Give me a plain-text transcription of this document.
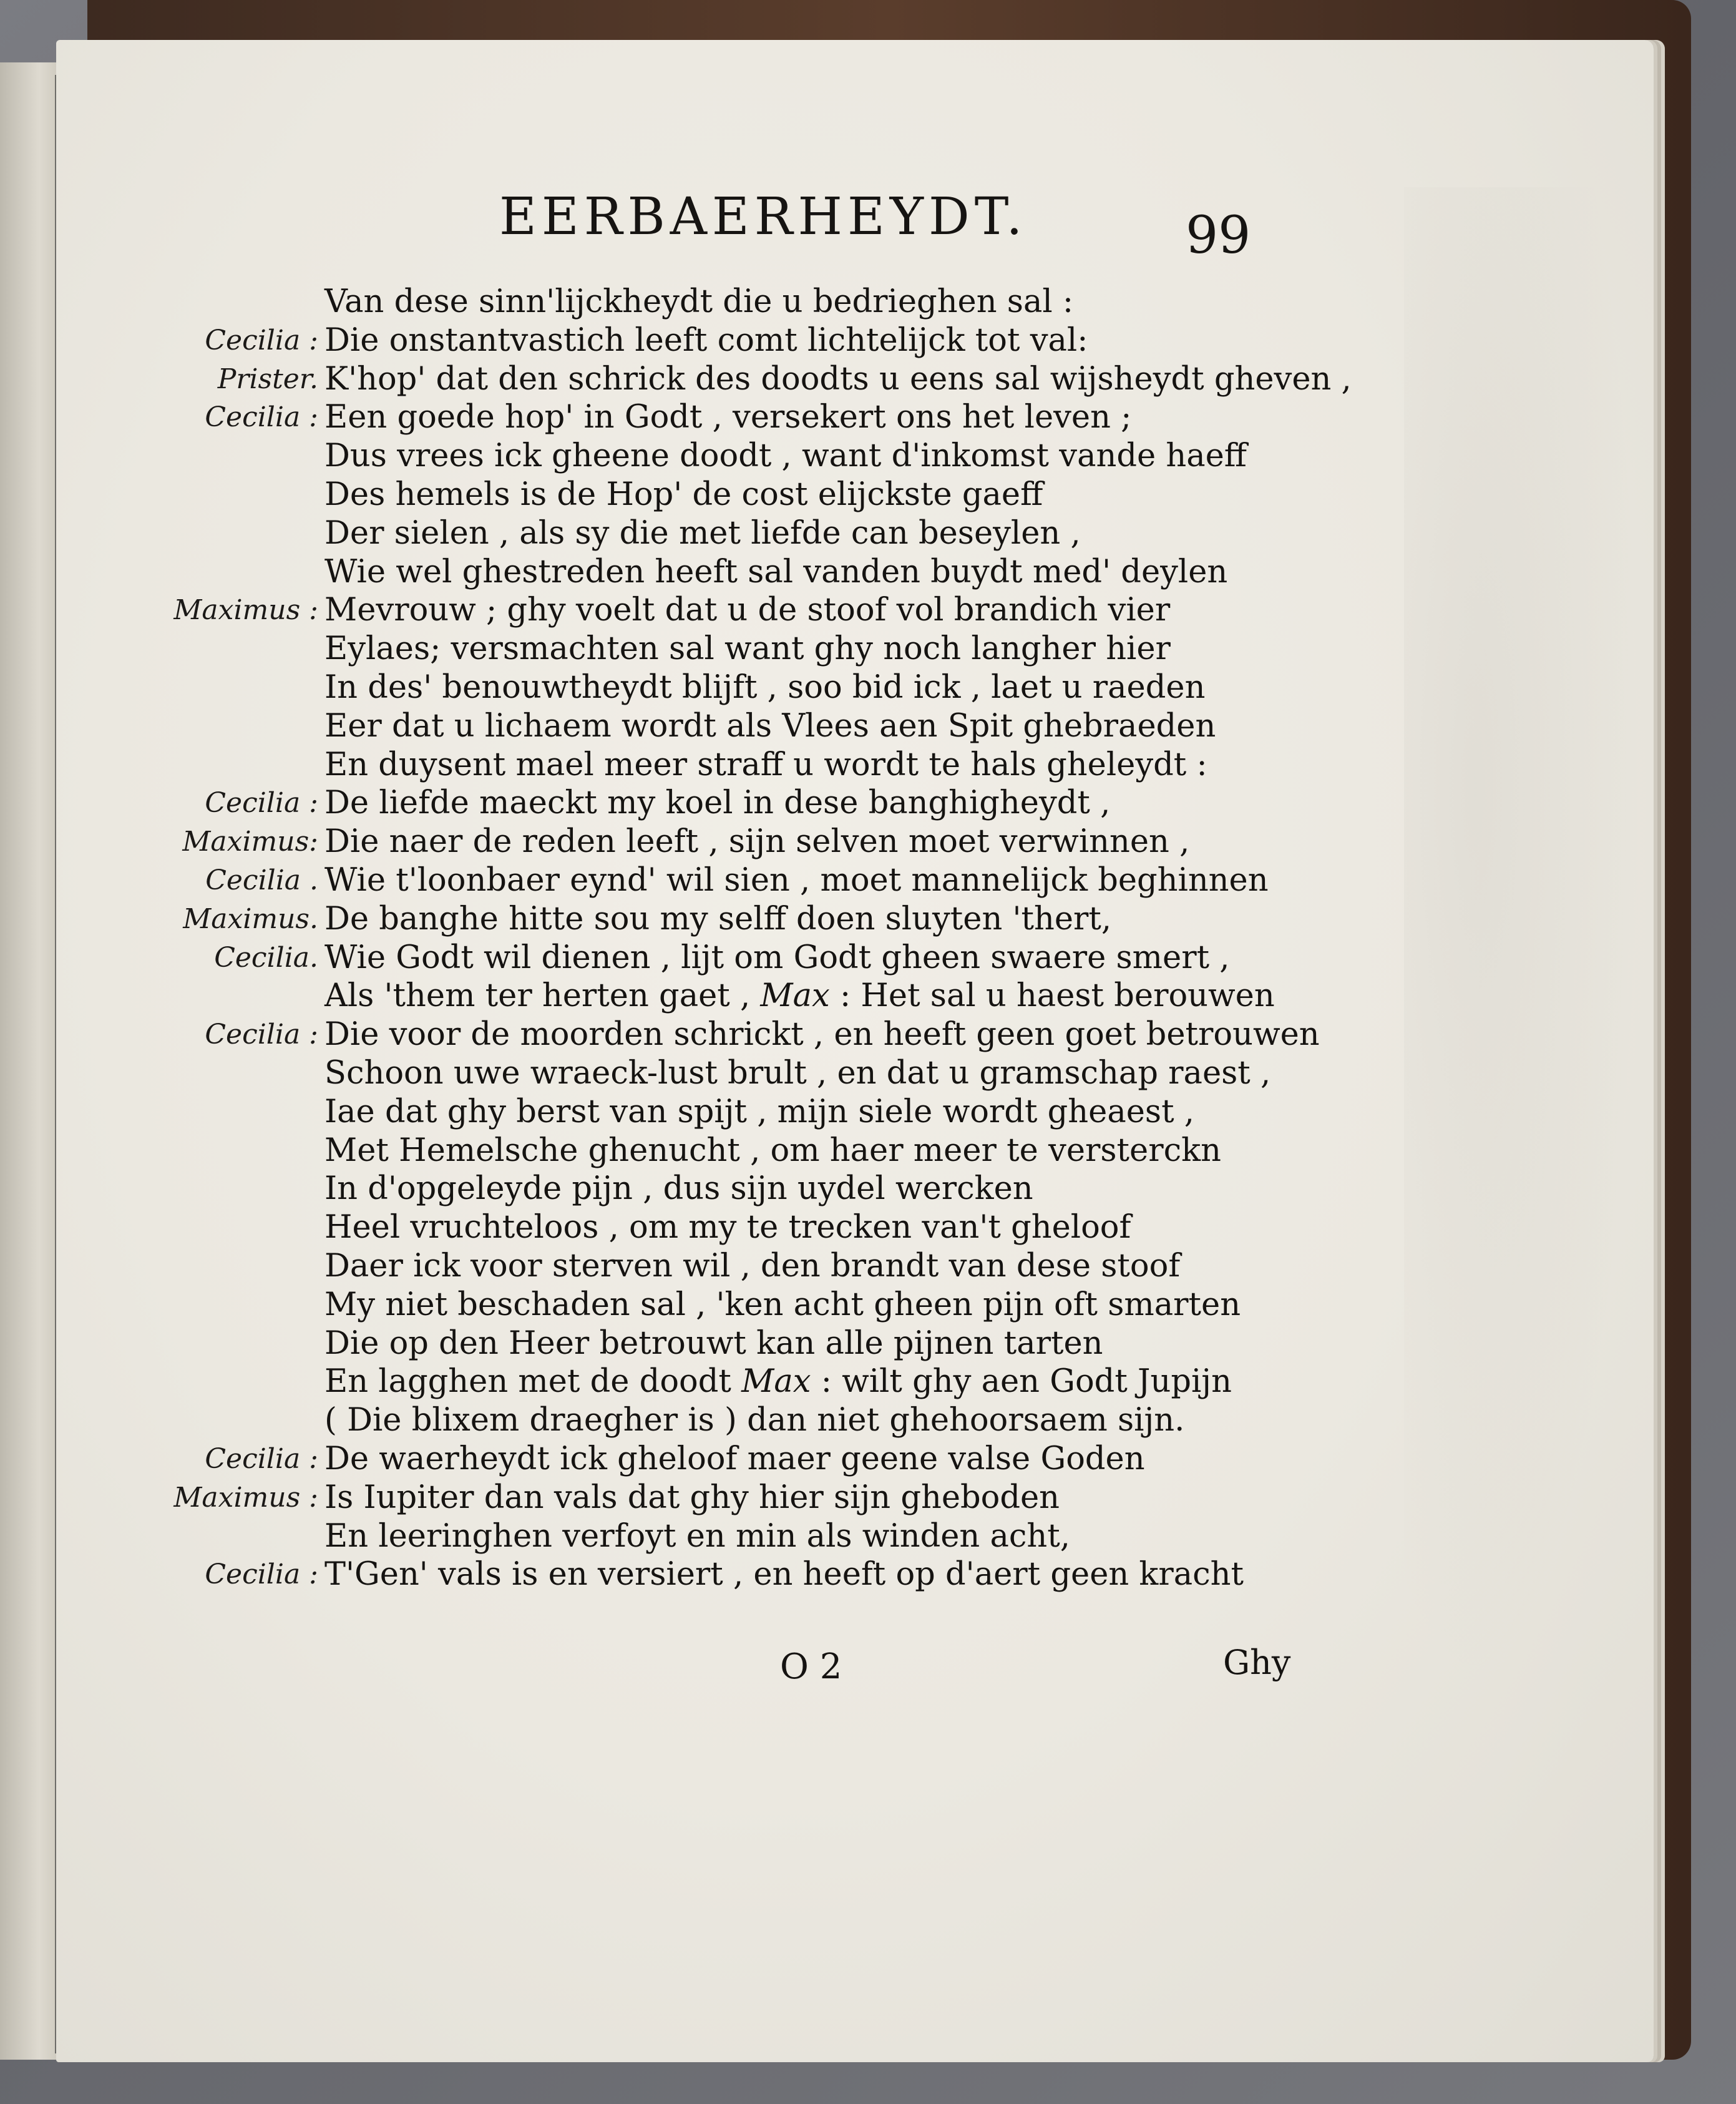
EERBAERHEYDT.	99
Van dese sinn'lijckheydt die u bedrieghen sal :
Cecilia : Die onstantvastich leeft comt lichtelijck tot val:
Prister. K'hop' dat den schrick des doodts u eens sal wijsheydt gheven ,
Cecilia : Een goede hop' in Godt , versekert ons het leven ;
Dus vrees ick gheene doodt , want d'inkomst vande haeff
Des hemels is de Hop' de cost elijckste gaeff
Der sielen , als sy die met liefde can beseylen ,
Wie wel ghestreden heeft sal vanden buydt med' deylen
Maximus : Mevrouw ; ghy voelt dat u de stoof vol brandich vier
Eylaes; versmachten sal want ghy noch langher hier
In des' benouwtheydt blijft , soo bid ick , laet u raeden
Eer dat u lichaem wordt als Vlees aen Spit ghebraeden
En duysent mael meer straff u wordt te hals gheleydt :
Cecilia : De liefde maeckt my koel in dese banghigheydt ,
Maximus: Die naer de reden leeft , sijn selven moet verwinnen ,
Cecilia . Wie t'loonbaer eynd' wil sien , moet mannelijck beghinnen
Maximus. De banghe hitte sou my selff doen sluyten 'thert,
Cecilia. Wie Godt wil dienen , lijt om Godt gheen swaere smert ,
Als 'them ter herten gaet , Max : Het sal u haest berouwen
Cecilia : Die voor de moorden schrickt , en heeft geen goet betrouwen
Schoon uwe wraeck-lust brult , en dat u gramschap raest ,
Iae dat ghy berst van spijt , mijn siele wordt gheaest ,
Met Hemelsche ghenucht , om haer meer te versterckn
In d'opgeleyde pijn , dus sijn uydel wercken
Heel vruchteloos , om my te trecken van't gheloof
Daer ick voor sterven wil , den brandt van dese stoof
My niet beschaden sal , 'ken acht gheen pijn oft smarten
Die op den Heer betrouwt kan alle pijnen tarten
En lagghen met de doodt Max : wilt ghy aen Godt Jupijn
( Die blixem draegher is ) dan niet ghehoorsaem sijn.
Cecilia : De waerheydt ick gheloof maer geene valse Goden
Maximus : Is Iupiter dan vals dat ghy hier sijn gheboden
En leeringhen verfoyt en min als winden acht,
Cecilia : T'Gen' vals is en versiert , en heeft op d'aert geen kracht
O 2	Ghy
